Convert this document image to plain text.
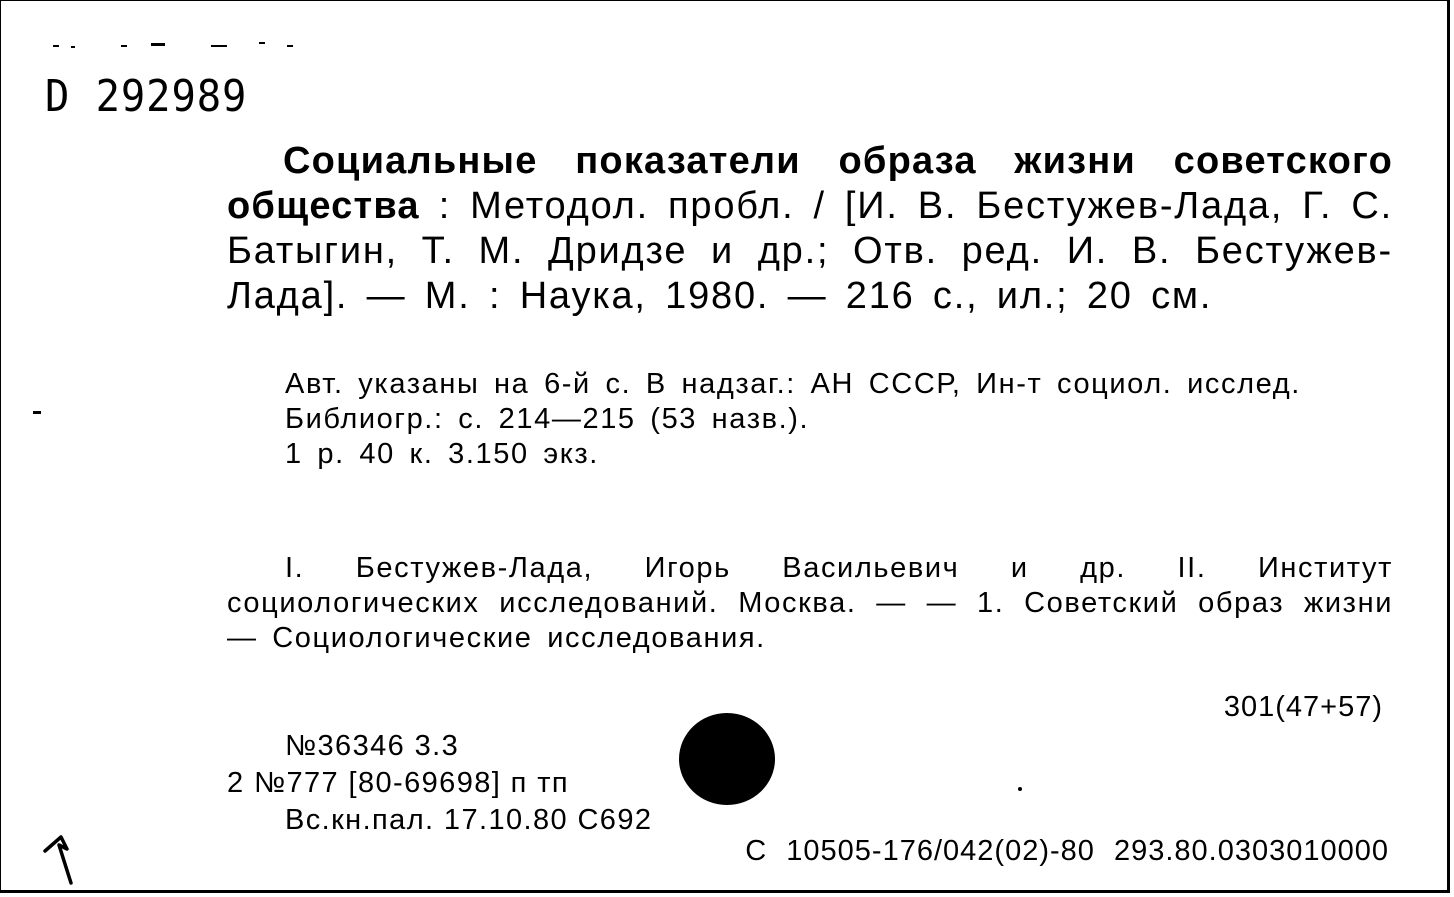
D 292989
Социальные показатели образа жизни советского общества : Методол. пробл. / [И. В. Бестужев-Лада, Г. С. Батыгин, Т. М. Дридзе и др.; Отв. ред. И. В. Бестужев-Лада]. — М. : Наука, 1980. — 216 с., ил.; 20 см.

Авт. указаны на 6-й с. В надзаг.: АН СССР, Ин-т социол. исслед.

Библиогр.: с. 214—215 (53 назв.).

1 р. 40 к. 3.150 экз.

I. Бестужев-Лада, Игорь Васильевич и др. II. Институт социологических исследований. Москва. — — 1. Советский образ жизни — Социологические исследования.
301(47+57)

№36346 3.3

2 №777 [80-69698] п тп

Вс.кн.пал. 17.10.80 С692

С 10505-176/042(02)-80 293.80.0303010000
